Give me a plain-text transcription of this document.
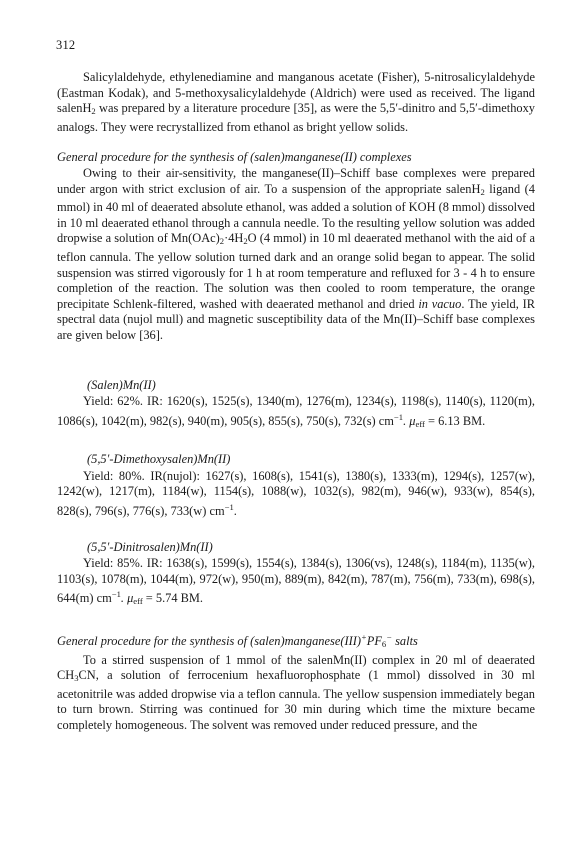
312

Salicylaldehyde, ethylenediamine and manganous acetate (Fisher), 5-nitrosalicylaldehyde (Eastman Kodak), and 5-methoxysalicylaldehyde (Aldrich) were used as received. The ligand salenH$_2$ was prepared by a literature procedure [35], as were the 5,5′-dinitro and 5,5′-dimethoxy analogs. They were recrystallized from ethanol as bright yellow solids.

General procedure for the synthesis of (salen)manganese(II) complexes

Owing to their air-sensitivity, the manganese(II)–Schiff base complexes were prepared under argon with strict exclusion of air. To a suspension of the appropriate salenH$_2$ ligand (4 mmol) in 40 ml of deaerated absolute ethanol, was added a solution of KOH (8 mmol) dissolved in 10 ml deaerated ethanol through a cannula needle. To the resulting yellow solution was added dropwise a solution of $Mn(OAc)_2\cdot 4H_2O$ (4 mmol) in 10 ml deaerated methanol with the aid of a teflon cannula. The yellow solution turned dark and an orange solid began to appear. The solid suspension was stirred vigorously for 1 h at room temperature and refluxed for 3 - 4 h to ensure completion of the reaction. The solution was then cooled to room temperature, the orange precipitate Schlenk-filtered, washed with deaerated methanol and dried in vacuo. The yield, IR spectral data (nujol mull) and magnetic susceptibility data of the Mn(II)–Schiff base complexes are given below [36].

(Salen)Mn(II)

Yield: 62%. IR: 1620(s), 1525(s), 1340(m), 1276(m), 1234(s), 1198(s), 1140(s), 1120(m), 1086(s), 1042(m), 982(s), 940(m), 905(s), 855(s), 750(s), 732(s) $cm^{-1}$. $\mu_{eff} = 6.13$ BM.

(5,5′-Dimethoxysalen)Mn(II)

Yield: 80%. IR(nujol): 1627(s), 1608(s), 1541(s), 1380(s), 1333(m), 1294(s), 1257(w), 1242(w), 1217(m), 1184(w), 1154(s), 1088(w), 1032(s), 982(m), 946(w), 933(w), 854(s), 828(s), 796(s), 776(s), 733(w) $cm^{-1}$.

(5,5′-Dinitrosalen)Mn(II)

Yield: 85%. IR: 1638(s), 1599(s), 1554(s), 1384(s), 1306(vs), 1248(s), 1184(m), 1135(w), 1103(s), 1078(m), 1044(m), 972(w), 950(m), 889(m), 842(m), 787(m), 756(m), 733(m), 698(s), 644(m) $cm^{-1}$. $\mu_{eff} = 5.74$ BM.

General procedure for the synthesis of $(salen)manganese(III)^+PF_6^-$ salts

To a stirred suspension of 1 mmol of the salenMn(II) complex in 20 ml of deaerated $CH_3CN$, a solution of ferrocenium hexafluorophosphate (1 mmol) dissolved in 30 ml acetonitrile was added dropwise via a teflon cannula. The yellow suspension immediately began to turn brown. Stirring was continued for 30 min during which time the mixture became completely homogeneous. The solvent was removed under reduced pressure, and the
